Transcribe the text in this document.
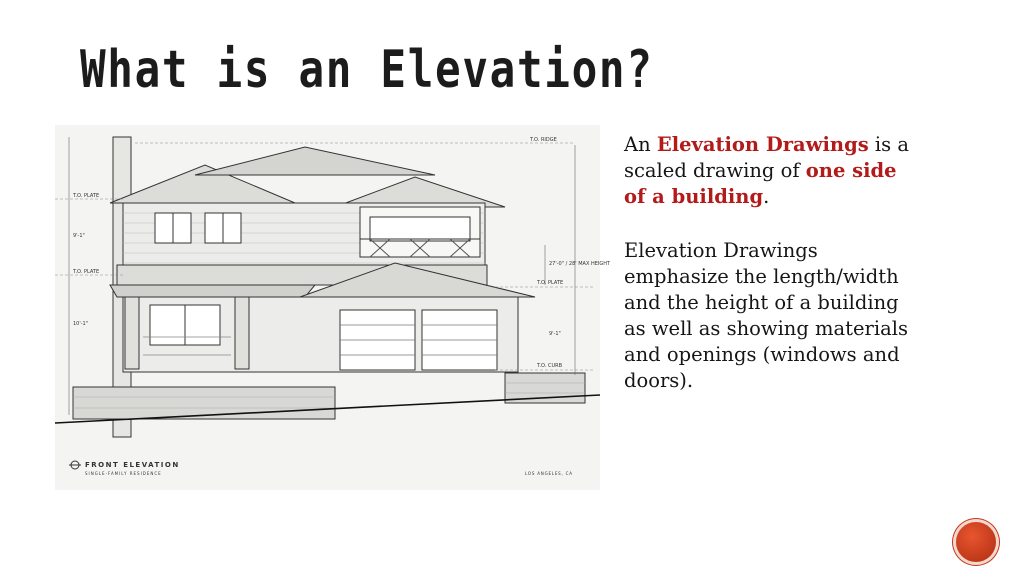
What is an Elevation?
T.O. RIDGE
T.O. PLATE
T.O. PLATE
T.O. PLATE
T.O. CURB
9'-1"
10'-1"
27'-0" / 28' MAX HEIGHT
9'-1"
FRONT ELEVATION
SINGLE-FAMILY RESIDENCE	LOS ANGELES, CA

An Elevation Drawings is a scaled drawing of one side of a building.

Elevation Drawings emphasize the length/width and the height of a building as well as showing materials and openings (windows and doors).
